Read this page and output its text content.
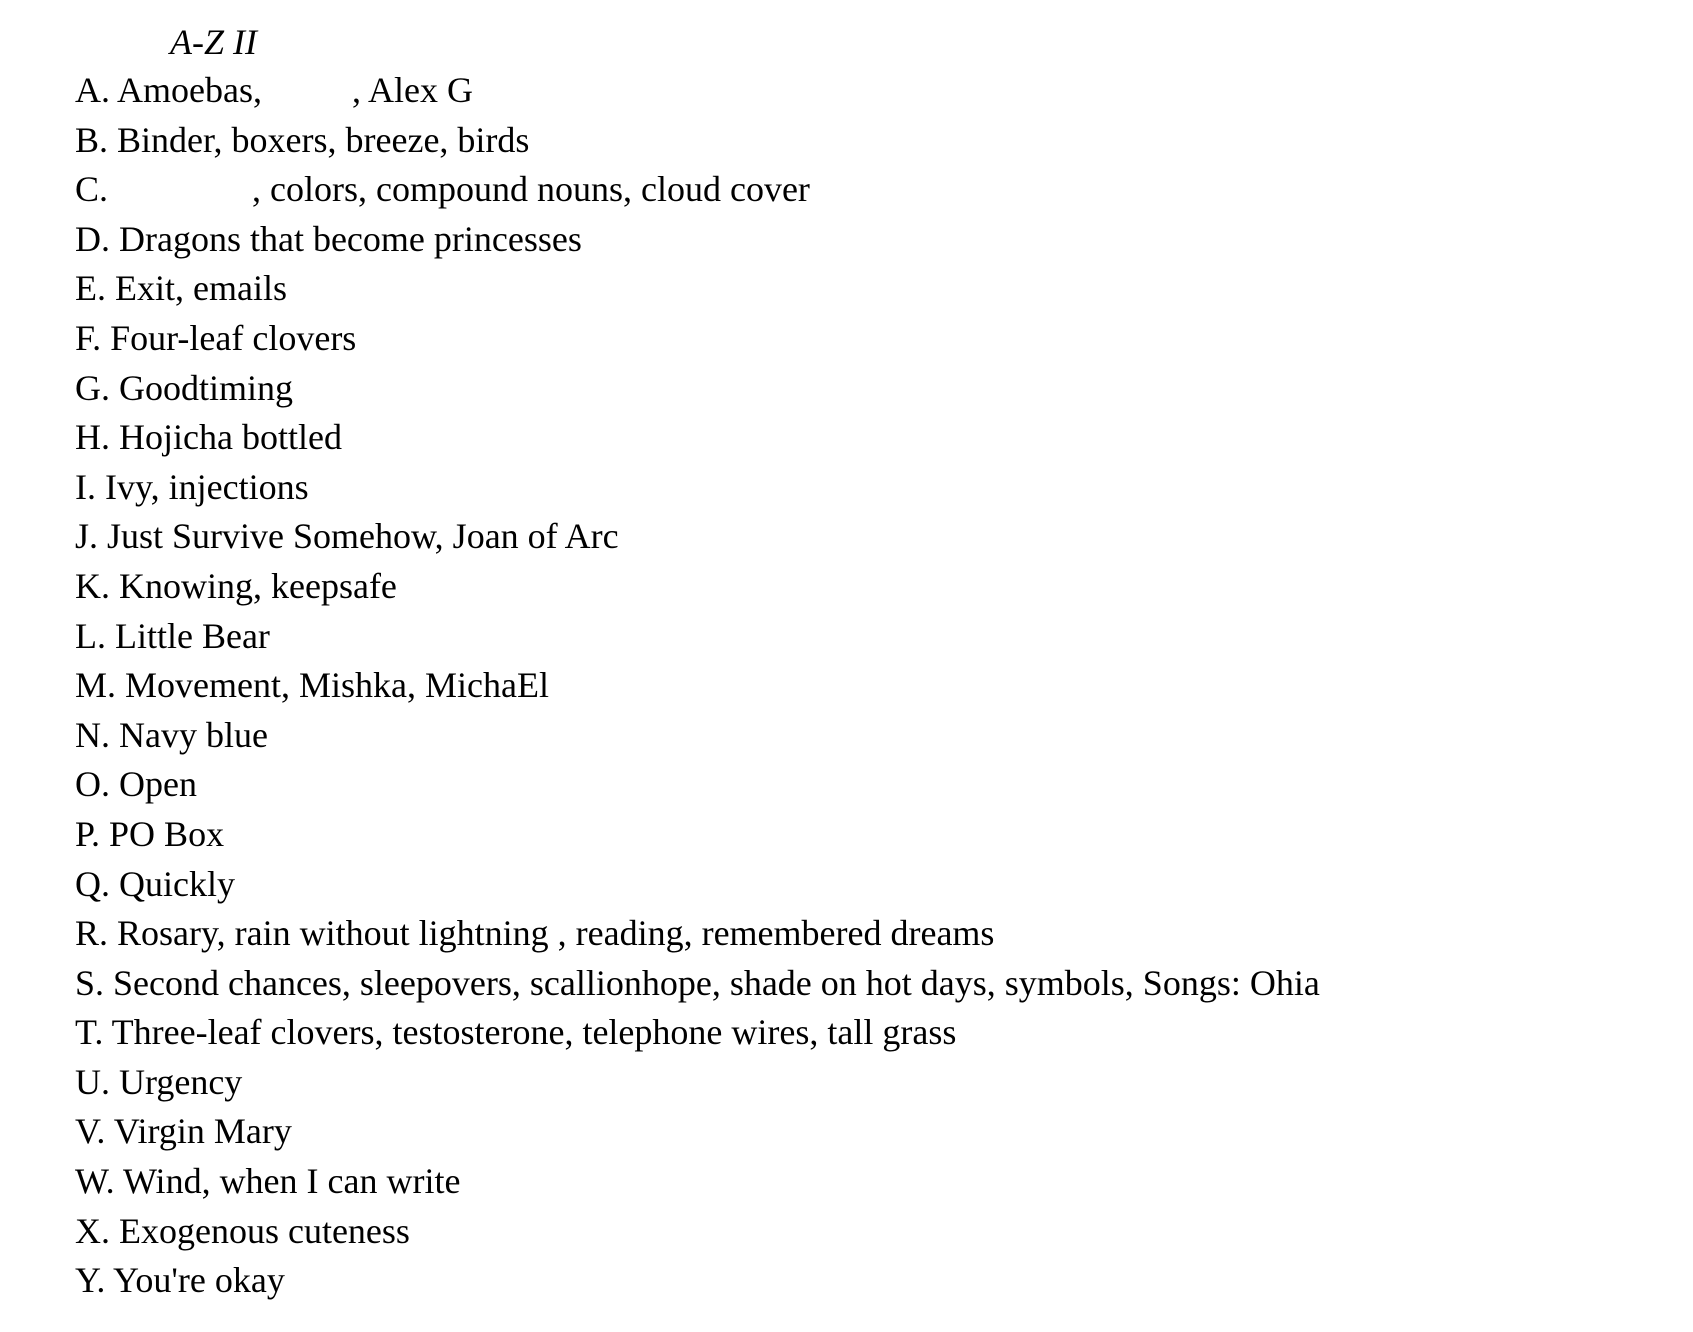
A-Z II
A. Amoebas,          , Alex G
B. Binder, boxers, breeze, birds
C.                , colors, compound nouns, cloud cover
D. Dragons that become princesses
E. Exit, emails
F. Four-leaf clovers
G. Goodtiming
H. Hojicha bottled
I. Ivy, injections
J. Just Survive Somehow, Joan of Arc
K. Knowing, keepsafe
L. Little Bear
M. Movement, Mishka, MichaEl
N. Navy blue
O. Open
P. PO Box
Q. Quickly
R. Rosary, rain without lightning , reading, remembered dreams
S. Second chances, sleepovers, scallionhope, shade on hot days, symbols, Songs: Ohia
T. Three-leaf clovers, testosterone, telephone wires, tall grass
U. Urgency
V. Virgin Mary
W. Wind, when I can write
X. Exogenous cuteness
Y. You're okay
